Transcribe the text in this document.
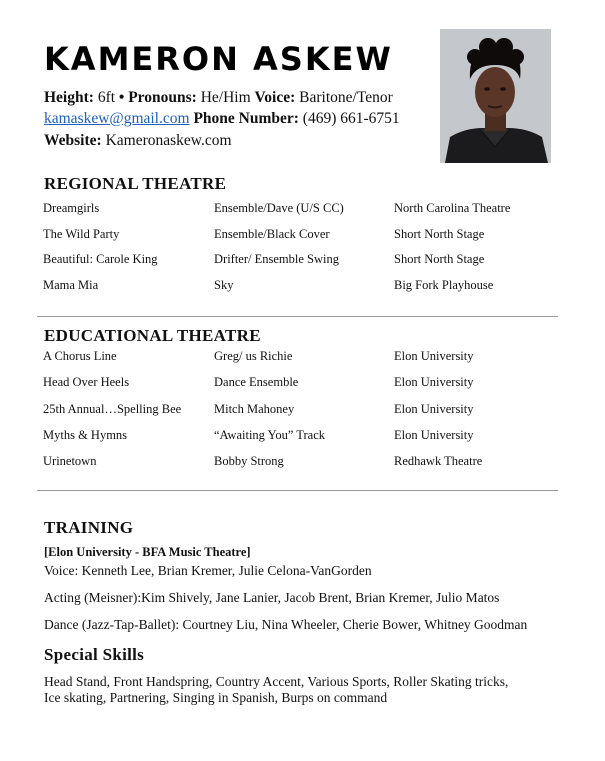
KAMERON ASKEW
Height: 6ft • Pronouns: He/Him Voice: Baritone/Tenor
kamaskew@gmail.com Phone Number: (469) 661-6751
Website: Kameronaskew.com
REGIONAL THEATRE
Dreamgirls	Ensemble/Dave (U/S CC)	North Carolina Theatre
The Wild Party	Ensemble/Black Cover	Short North Stage
Beautiful: Carole King	Drifter/ Ensemble Swing	Short North Stage
Mama Mia	Sky	Big Fork Playhouse
EDUCATIONAL THEATRE
A Chorus Line	Greg/ us Richie	Elon University
Head Over Heels	Dance Ensemble	Elon University
25th Annual…Spelling Bee	Mitch Mahoney	Elon University
Myths & Hymns	“Awaiting You” Track	Elon University
Urinetown	Bobby Strong	Redhawk Theatre
TRAINING
[Elon University - BFA Music Theatre]
Voice: Kenneth Lee, Brian Kremer, Julie Celona-VanGorden
Acting (Meisner):Kim Shively, Jane Lanier, Jacob Brent, Brian Kremer, Julio Matos
Dance (Jazz-Tap-Ballet): Courtney Liu, Nina Wheeler, Cherie Bower, Whitney Goodman
Special Skills
Head Stand, Front Handspring, Country Accent, Various Sports, Roller Skating tricks,
Ice skating, Partnering, Singing in Spanish, Burps on command
